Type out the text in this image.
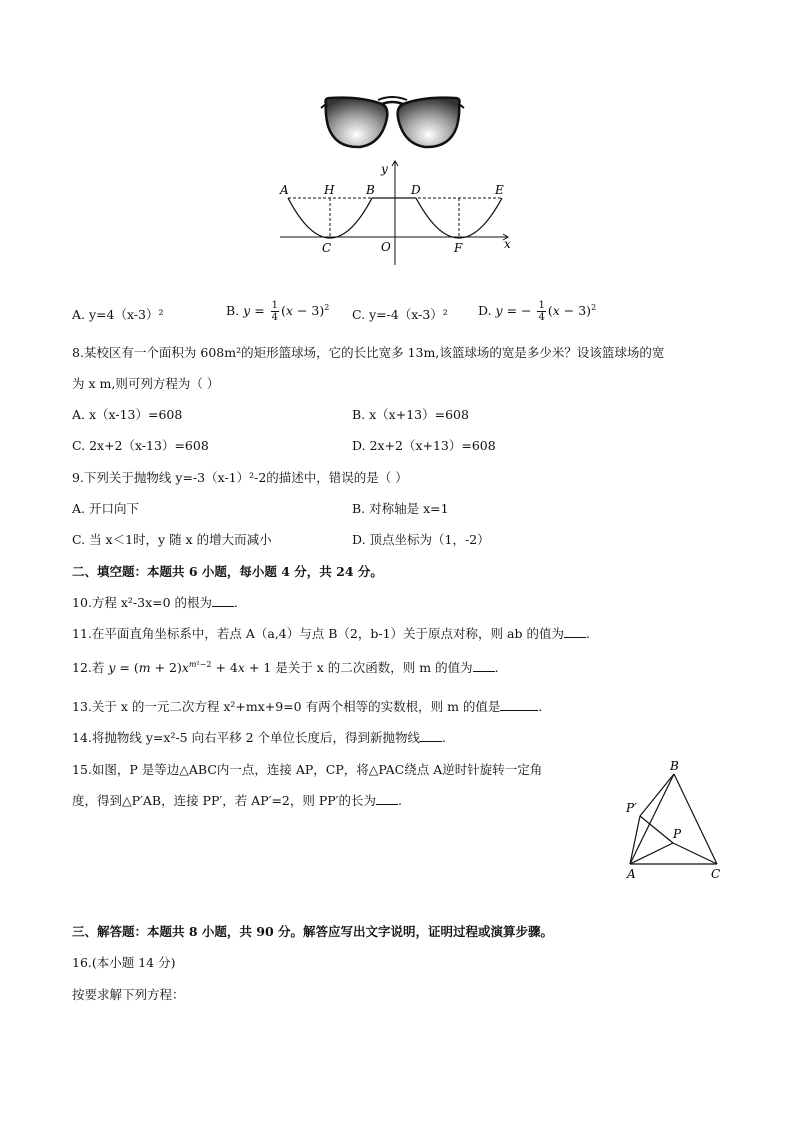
y
x
A	H	B	D	E
C	O	F
A. y=4（x-3）²	B. $y = \frac{1}{4} (x - 3)^2$ C. y=-4（x-3）² D. y = − $\frac{1}{4} (x - 3)^2$
8.某校区有一个面积为 608m²的矩形篮球场，它的长比宽多 13m,该篮球场的宽是多少米？设该篮球场的宽
为 x m,则可列方程为（ ）
A. x（x-13）=608	B. x（x+13）=608
C. 2x+2（x-13）=608	D. 2x+2（x+13）=608
9.下列关于抛物线 y=-3（x-1）²-2的描述中，错误的是（ ）
A. 开口向下	B. 对称轴是 x=1
C. 当 x＜1时，y 随 x 的增大而减小	D. 顶点坐标为（1，-2）
二、填空题：本题共 6 小题，每小题 4 分，共 24 分。
10.方程 x²-3x=0 的根为 .
11.在平面直角坐标系中，若点 A（a,4）与点 B（2，b-1）关于原点对称，则 ab 的值为 .
12.若 $y = (m + 2)x^{m^2-2} + 4x + 1$ 是关于 x 的二次函数，则 m 的值为 .
13.关于 x 的一元二次方程 x²+mx+9=0 有两个相等的实数根，则 m 的值是	.
14.将抛物线 y=x²-5 向右平移 2 个单位长度后，得到新抛物线 .
15.如图，P 是等边△ABC内一点，连接 AP，CP，将△PAC绕点 A逆时针旋转一定角
度，得到△P′AB，连接 PP′，若 AP′=2，则 PP′的长为 .
B
P′
P
A	C
三、解答题：本题共 8 小题，共 90 分。解答应写出文字说明，证明过程或演算步骤。
16.(本小题 14 分)
按要求解下列方程：
